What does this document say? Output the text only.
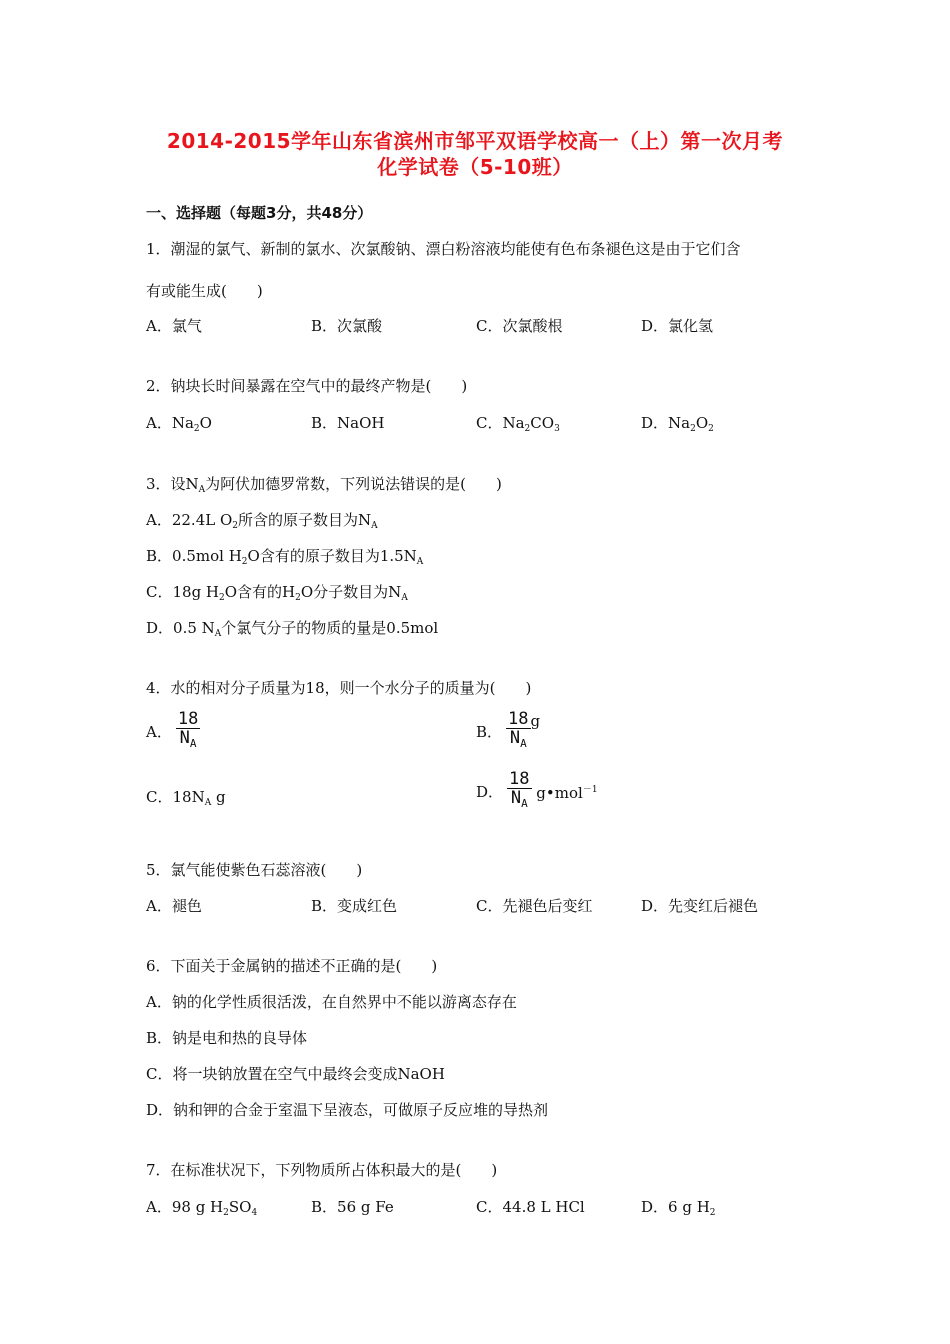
2014-2015学年山东省滨州市邹平双语学校高一（上）第一次月考
化学试卷（5-10班）
一、选择题（每题3分，共48分）
1．潮湿的氯气、新制的氯水、次氯酸钠、漂白粉溶液均能使有色布条褪色这是由于它们含
有或能生成(　　)
A．氯气	B．次氯酸	C．次氯酸根	D．氯化氢
2．钠块长时间暴露在空气中的最终产物是(　　)
A．$Na_2O$	B．NaOH	C．$Na_2CO_3$	D．$Na_2O_2$
3．设$N_A$为阿伏加德罗常数，下列说法错误的是(　　)
A．22.4L $O_2$所含的原子数目为$N_A$
B．0.5mol $H_2O$含有的原子数目为$1.5N_A$
C．18g $H_2O$含有的$H_2O$分子数目为$N_A$
D．0.5 $N_A$个氯气分子的物质的量是0.5mol
4．水的相对分子质量为18，则一个水分子的质量为(　　)
A． $\frac{18}{N_A}$	B． $\frac{18}{N_A}$ g
C．$18N_A$ g	D． $\frac{18}{N_A}$ g•mol$^{-1}$
5．氯气能使紫色石蕊溶液(　　)
A．褪色	B．变成红色	C．先褪色后变红	D．先变红后褪色
6．下面关于金属钠的描述不正确的是(　　)
A．钠的化学性质很活泼，在自然界中不能以游离态存在
B．钠是电和热的良导体
C．将一块钠放置在空气中最终会变成NaOH
D．钠和钾的合金于室温下呈液态，可做原子反应堆的导热剂
7．在标准状况下，下列物质所占体积最大的是(　　)
A．98 g $H_2SO_4$	B．56 g Fe	C．44.8 L HCl	D．6 g $H_2$
